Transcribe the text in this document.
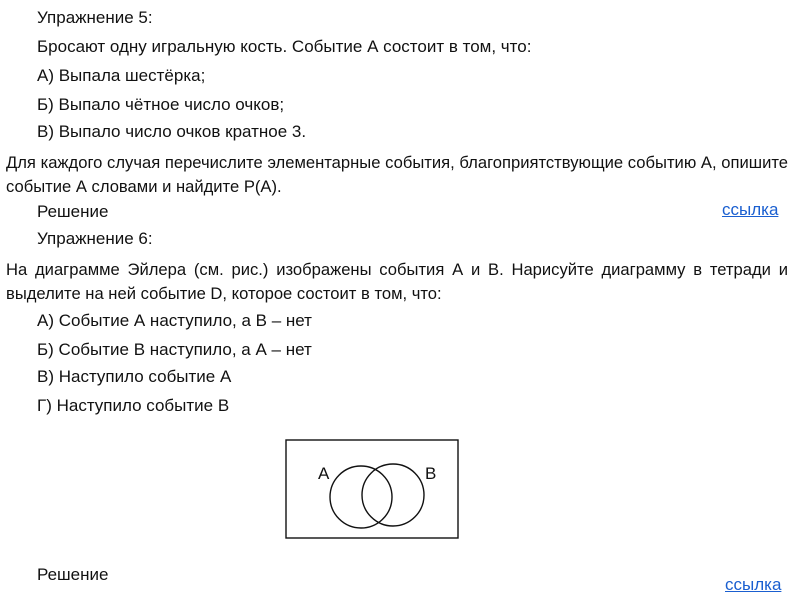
Упражнение 5:
Бросают одну игральную кость. Событие А состоит в том, что:
А) Выпала шестёрка;
Б) Выпало чётное число очков;
В) Выпало число очков кратное 3.
Для каждого случая перечислите элементарные события, благоприятствующие событию А, опишите событие А словами и найдите P(А).
Решение	ссылка
Упражнение 6:
На диаграмме Эйлера (см. рис.) изображены события А и В. Нарисуйте диаграмму в тетради и выделите на ней событие D, которое состоит в том, что:
А) Событие А наступило, а В – нет
Б) Событие В наступило, а А – нет
В) Наступило событие А
Г) Наступило событие В
A	B
Решение
ссылка
